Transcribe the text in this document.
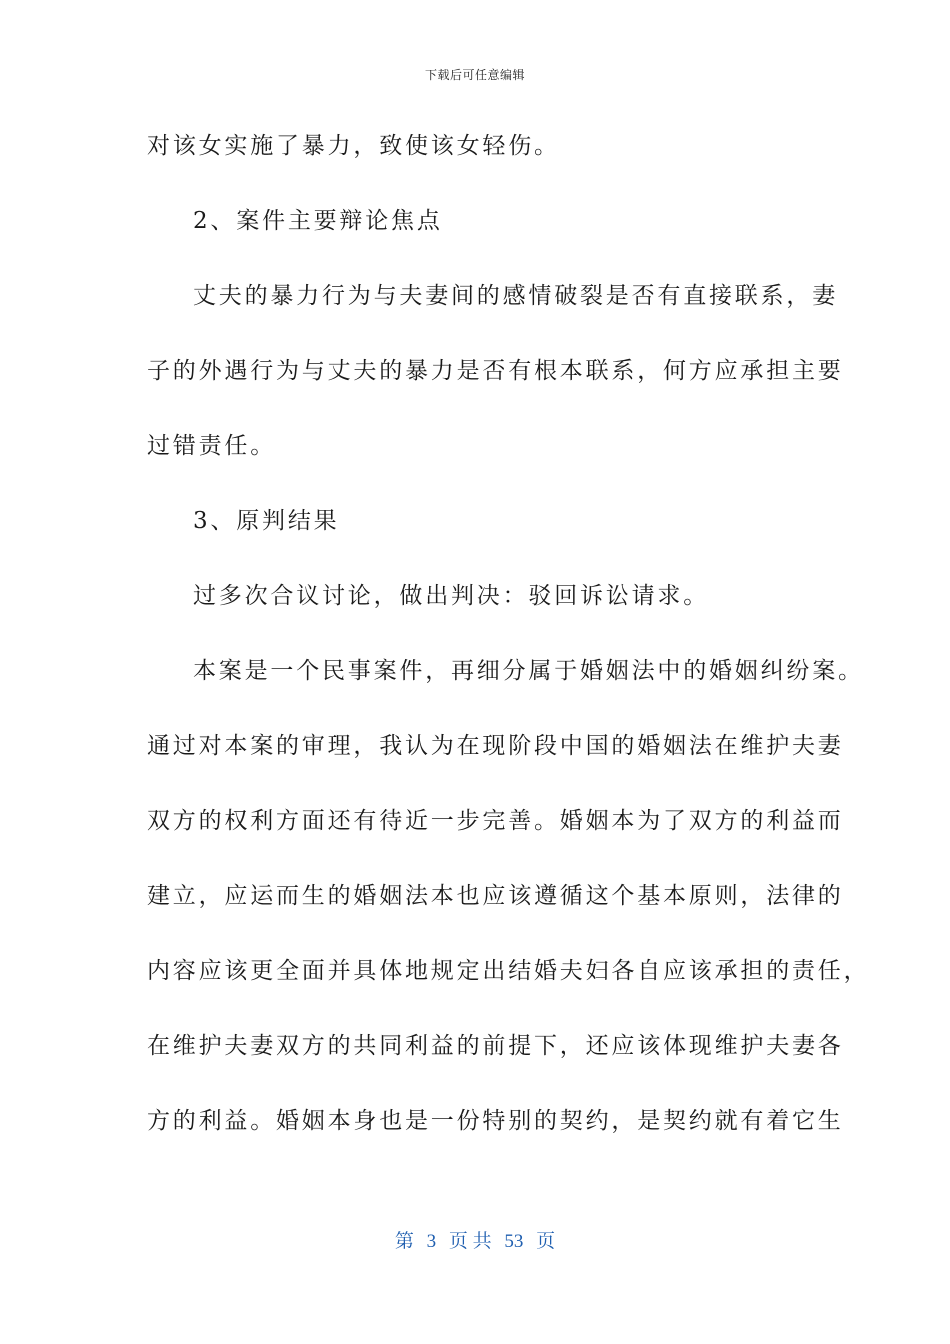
下载后可任意编辑
对该女实施了暴力，致使该女轻伤。
2、案件主要辩论焦点
丈夫的暴力行为与夫妻间的感情破裂是否有直接联系，妻
子的外遇行为与丈夫的暴力是否有根本联系，何方应承担主要
过错责任。
3、原判结果
过多次合议讨论，做出判决：驳回诉讼请求。
本案是一个民事案件，再细分属于婚姻法中的婚姻纠纷案。
通过对本案的审理，我认为在现阶段中国的婚姻法在维护夫妻
双方的权利方面还有待近一步完善。婚姻本为了双方的利益而
建立，应运而生的婚姻法本也应该遵循这个基本原则，法律的
内容应该更全面并具体地规定出结婚夫妇各自应该承担的责任，
在维护夫妻双方的共同利益的前提下，还应该体现维护夫妻各
方的利益。婚姻本身也是一份特别的契约，是契约就有着它生
第 3 页 共 53 页
